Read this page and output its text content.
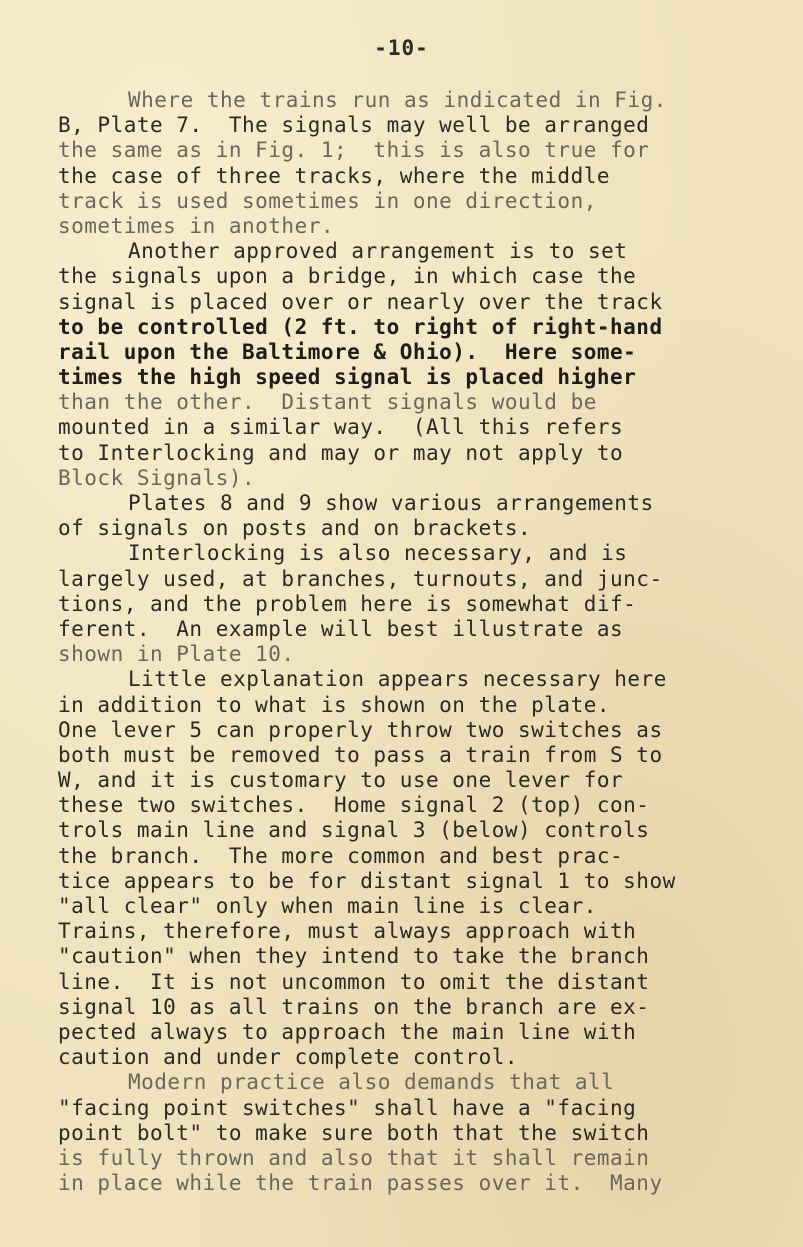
-10-
Where the trains run as indicated in Fig.
B, Plate 7.  The signals may well be arranged
the same as in Fig. 1;  this is also true for
the case of three tracks, where the middle
track is used sometimes in one direction,
sometimes in another.
Another approved arrangement is to set
the signals upon a bridge, in which case the
signal is placed over or nearly over the track
to be controlled (2 ft. to right of right-hand
rail upon the Baltimore & Ohio).  Here some-
times the high speed signal is placed higher
than the other.  Distant signals would be
mounted in a similar way.  (All this refers
to Interlocking and may or may not apply to
Block Signals).
Plates 8 and 9 show various arrangements
of signals on posts and on brackets.
Interlocking is also necessary, and is
largely used, at branches, turnouts, and junc-
tions, and the problem here is somewhat dif-
ferent.  An example will best illustrate as
shown in Plate 10.
Little explanation appears necessary here
in addition to what is shown on the plate.
One lever 5 can properly throw two switches as
both must be removed to pass a train from S to
W, and it is customary to use one lever for
these two switches.  Home signal 2 (top) con-
trols main line and signal 3 (below) controls
the branch.  The more common and best prac-
tice appears to be for distant signal 1 to show
"all clear" only when main line is clear.
Trains, therefore, must always approach with
"caution" when they intend to take the branch
line.  It is not uncommon to omit the distant
signal 10 as all trains on the branch are ex-
pected always to approach the main line with
caution and under complete control.
Modern practice also demands that all
"facing point switches" shall have a "facing
point bolt" to make sure both that the switch
is fully thrown and also that it shall remain
in place while the train passes over it.  Many
